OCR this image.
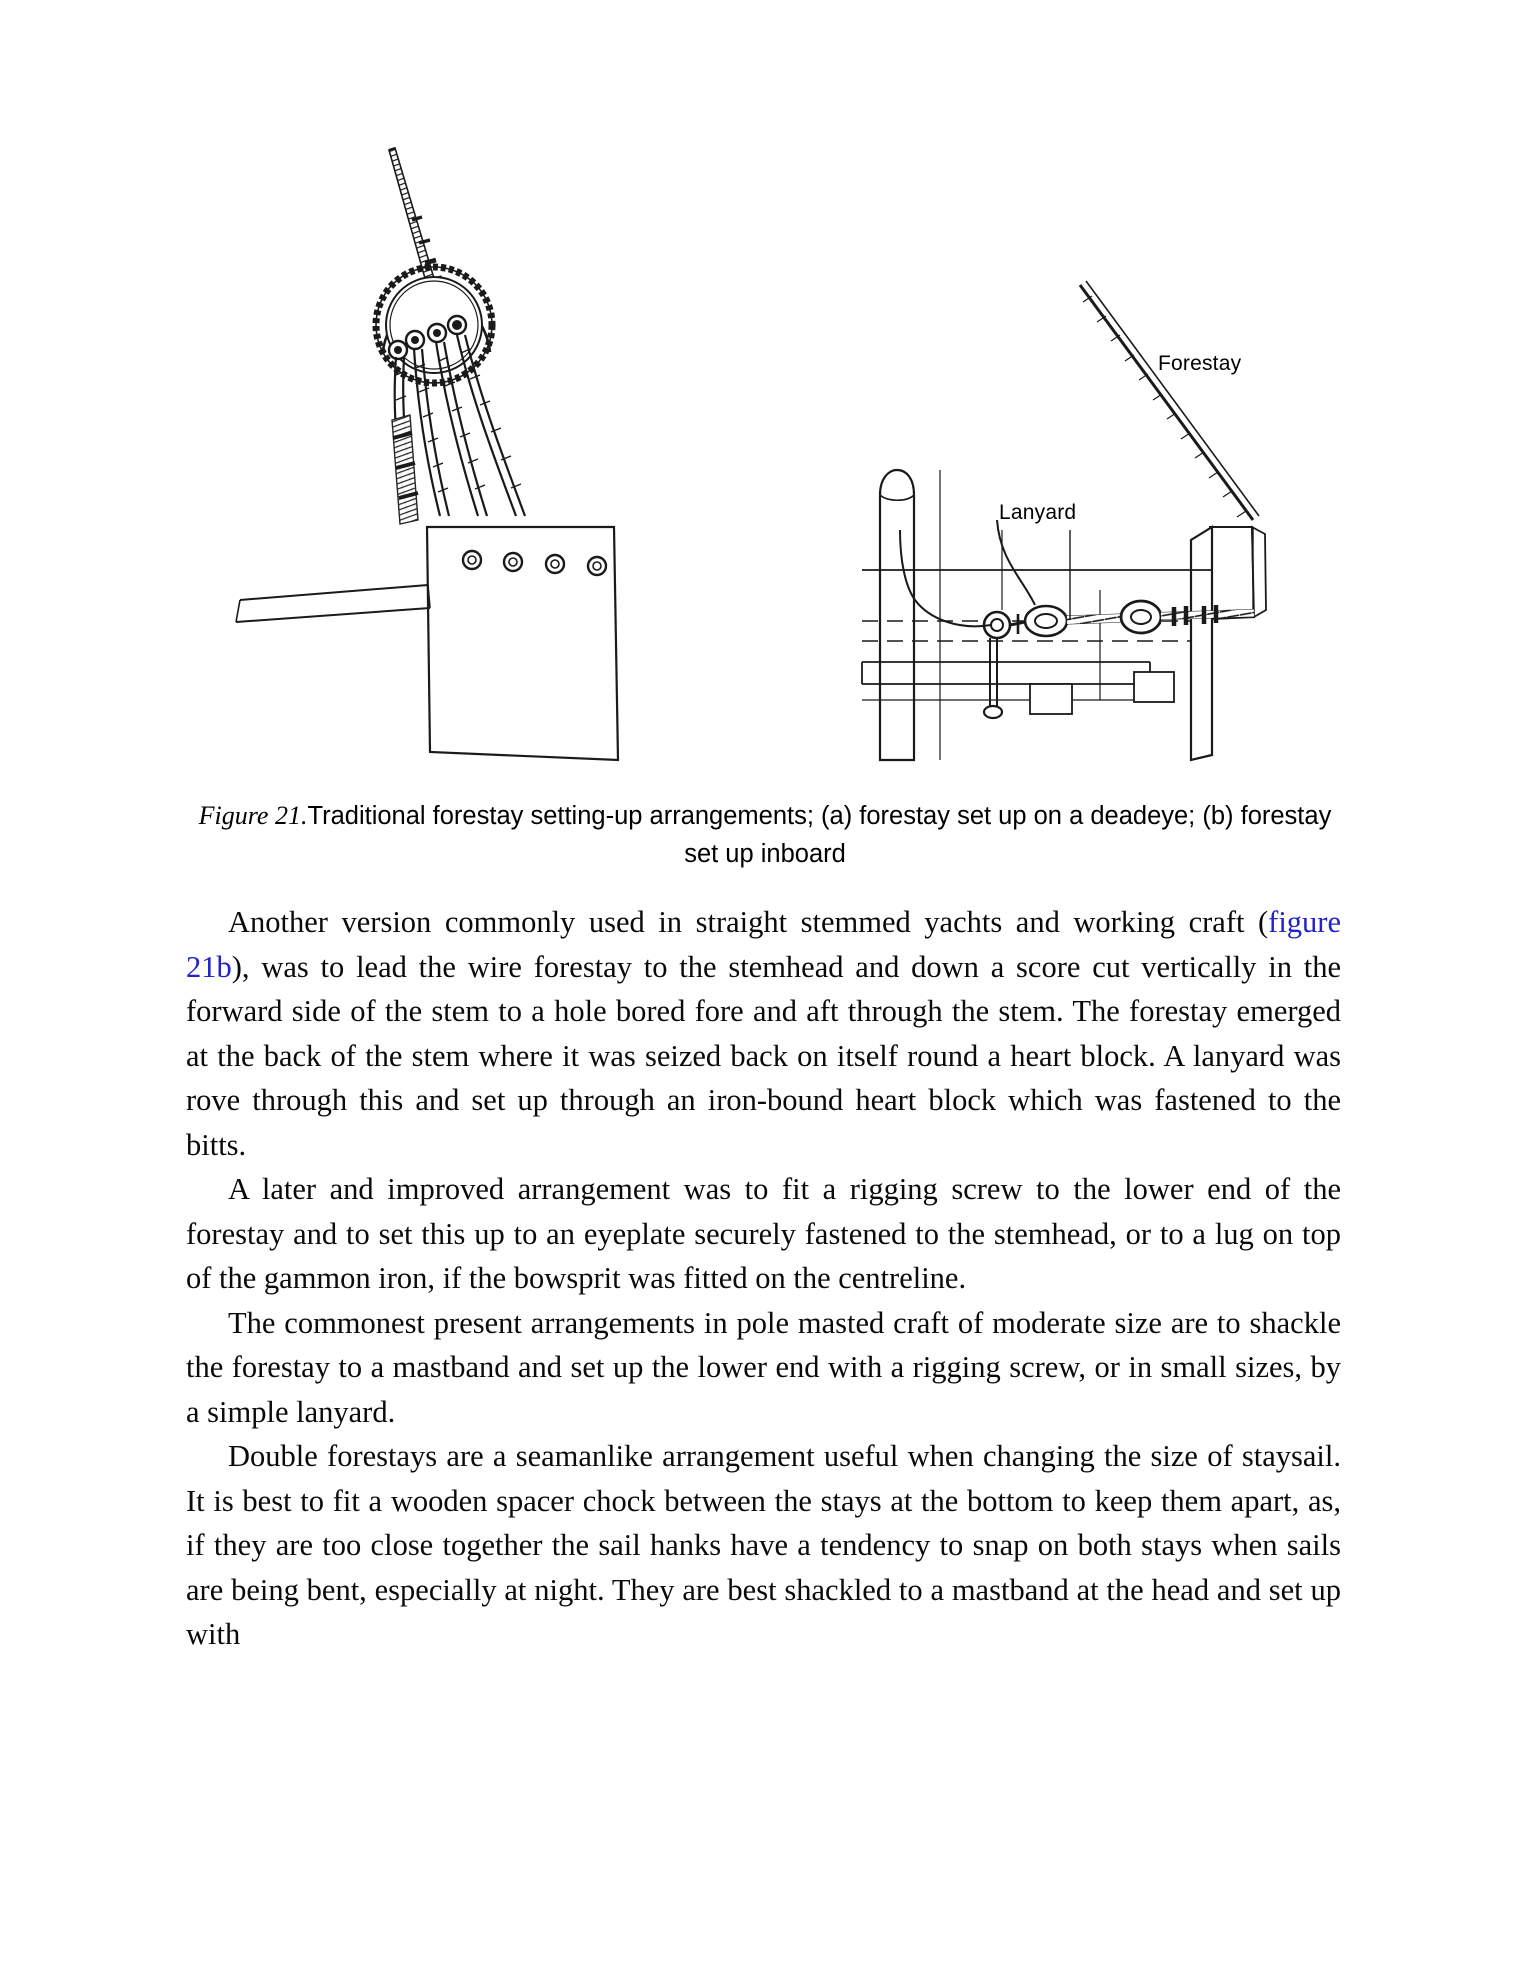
Forestay
Lanyard
Figure 21.Traditional forestay setting-up arrangements; (a) forestay set up on a deadeye; (b) forestay set up inboard

Another version commonly used in straight stemmed yachts and working craft (figure 21b), was to lead the wire forestay to the stemhead and down a score cut vertically in the forward side of the stem to a hole bored fore and aft through the stem. The forestay emerged at the back of the stem where it was seized back on itself round a heart block. A lanyard was rove through this and set up through an iron-bound heart block which was fastened to the bitts.

A later and improved arrangement was to fit a rigging screw to the lower end of the forestay and to set this up to an eyeplate securely fastened to the stemhead, or to a lug on top of the gammon iron, if the bowsprit was fitted on the centreline.

The commonest present arrangements in pole masted craft of moderate size are to shackle the forestay to a mastband and set up the lower end with a rigging screw, or in small sizes, by a simple lanyard.

Double forestays are a seamanlike arrangement useful when changing the size of staysail. It is best to fit a wooden spacer chock between the stays at the bottom to keep them apart, as, if they are too close together the sail hanks have a tendency to snap on both stays when sails are being bent, especially at night. They are best shackled to a mastband at the head and set up with
